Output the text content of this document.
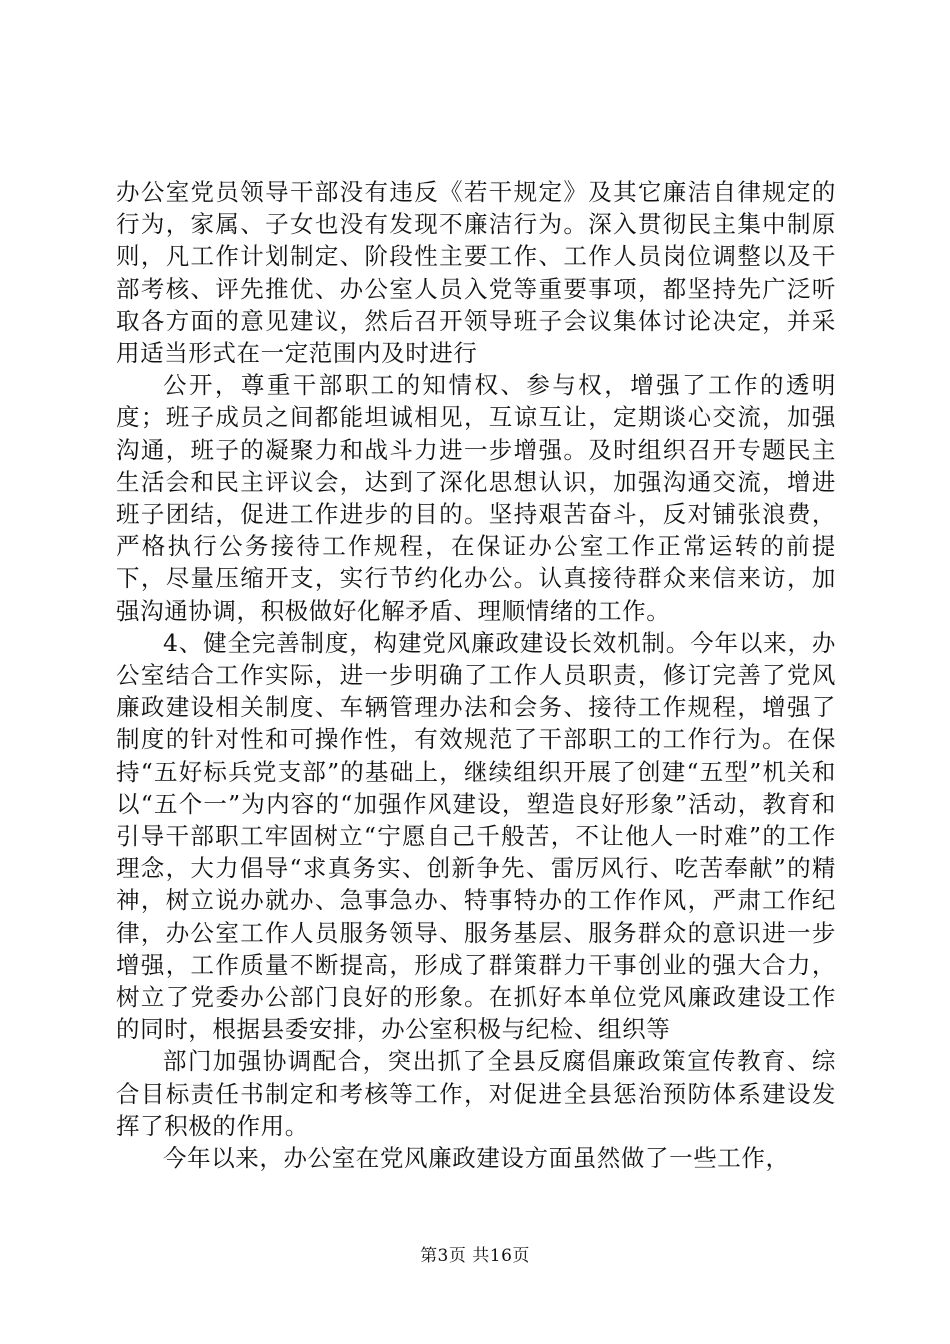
办公室党员领导干部没有违反《若干规定》及其它廉洁自律规定的行为，家属、子女也没有发现不廉洁行为。深入贯彻民主集中制原则，凡工作计划制定、阶段性主要工作、工作人员岗位调整以及干部考核、评先推优、办公室人员入党等重要事项，都坚持先广泛听取各方面的意见建议，然后召开领导班子会议集体讨论决定，并采用适当形式在一定范围内及时进行

公开，尊重干部职工的知情权、参与权，增强了工作的透明度；班子成员之间都能坦诚相见，互谅互让，定期谈心交流，加强沟通，班子的凝聚力和战斗力进一步增强。及时组织召开专题民主生活会和民主评议会，达到了深化思想认识，加强沟通交流，增进班子团结，促进工作进步的目的。坚持艰苦奋斗，反对铺张浪费，严格执行公务接待工作规程，在保证办公室工作正常运转的前提下，尽量压缩开支，实行节约化办公。认真接待群众来信来访，加强沟通协调，积极做好化解矛盾、理顺情绪的工作。

4、健全完善制度，构建党风廉政建设长效机制。今年以来，办公室结合工作实际，进一步明确了工作人员职责，修订完善了党风廉政建设相关制度、车辆管理办法和会务、接待工作规程，增强了制度的针对性和可操作性，有效规范了干部职工的工作行为。在保持“五好标兵党支部”的基础上，继续组织开展了创建“五型”机关和以“五个一”为内容的“加强作风建设，塑造良好形象”活动，教育和引导干部职工牢固树立“宁愿自己千般苦，不让他人一时难”的工作理念，大力倡导“求真务实、创新争先、雷厉风行、吃苦奉献”的精神，树立说办就办、急事急办、特事特办的工作作风，严肃工作纪律，办公室工作人员服务领导、服务基层、服务群众的意识进一步增强，工作质量不断提高，形成了群策群力干事创业的强大合力，树立了党委办公部门良好的形象。在抓好本单位党风廉政建设工作的同时，根据县委安排，办公室积极与纪检、组织等

部门加强协调配合，突出抓了全县反腐倡廉政策宣传教育、综合目标责任书制定和考核等工作，对促进全县惩治预防体系建设发挥了积极的作用。

今年以来，办公室在党风廉政建设方面虽然做了一些工作，

第3页 共16页
